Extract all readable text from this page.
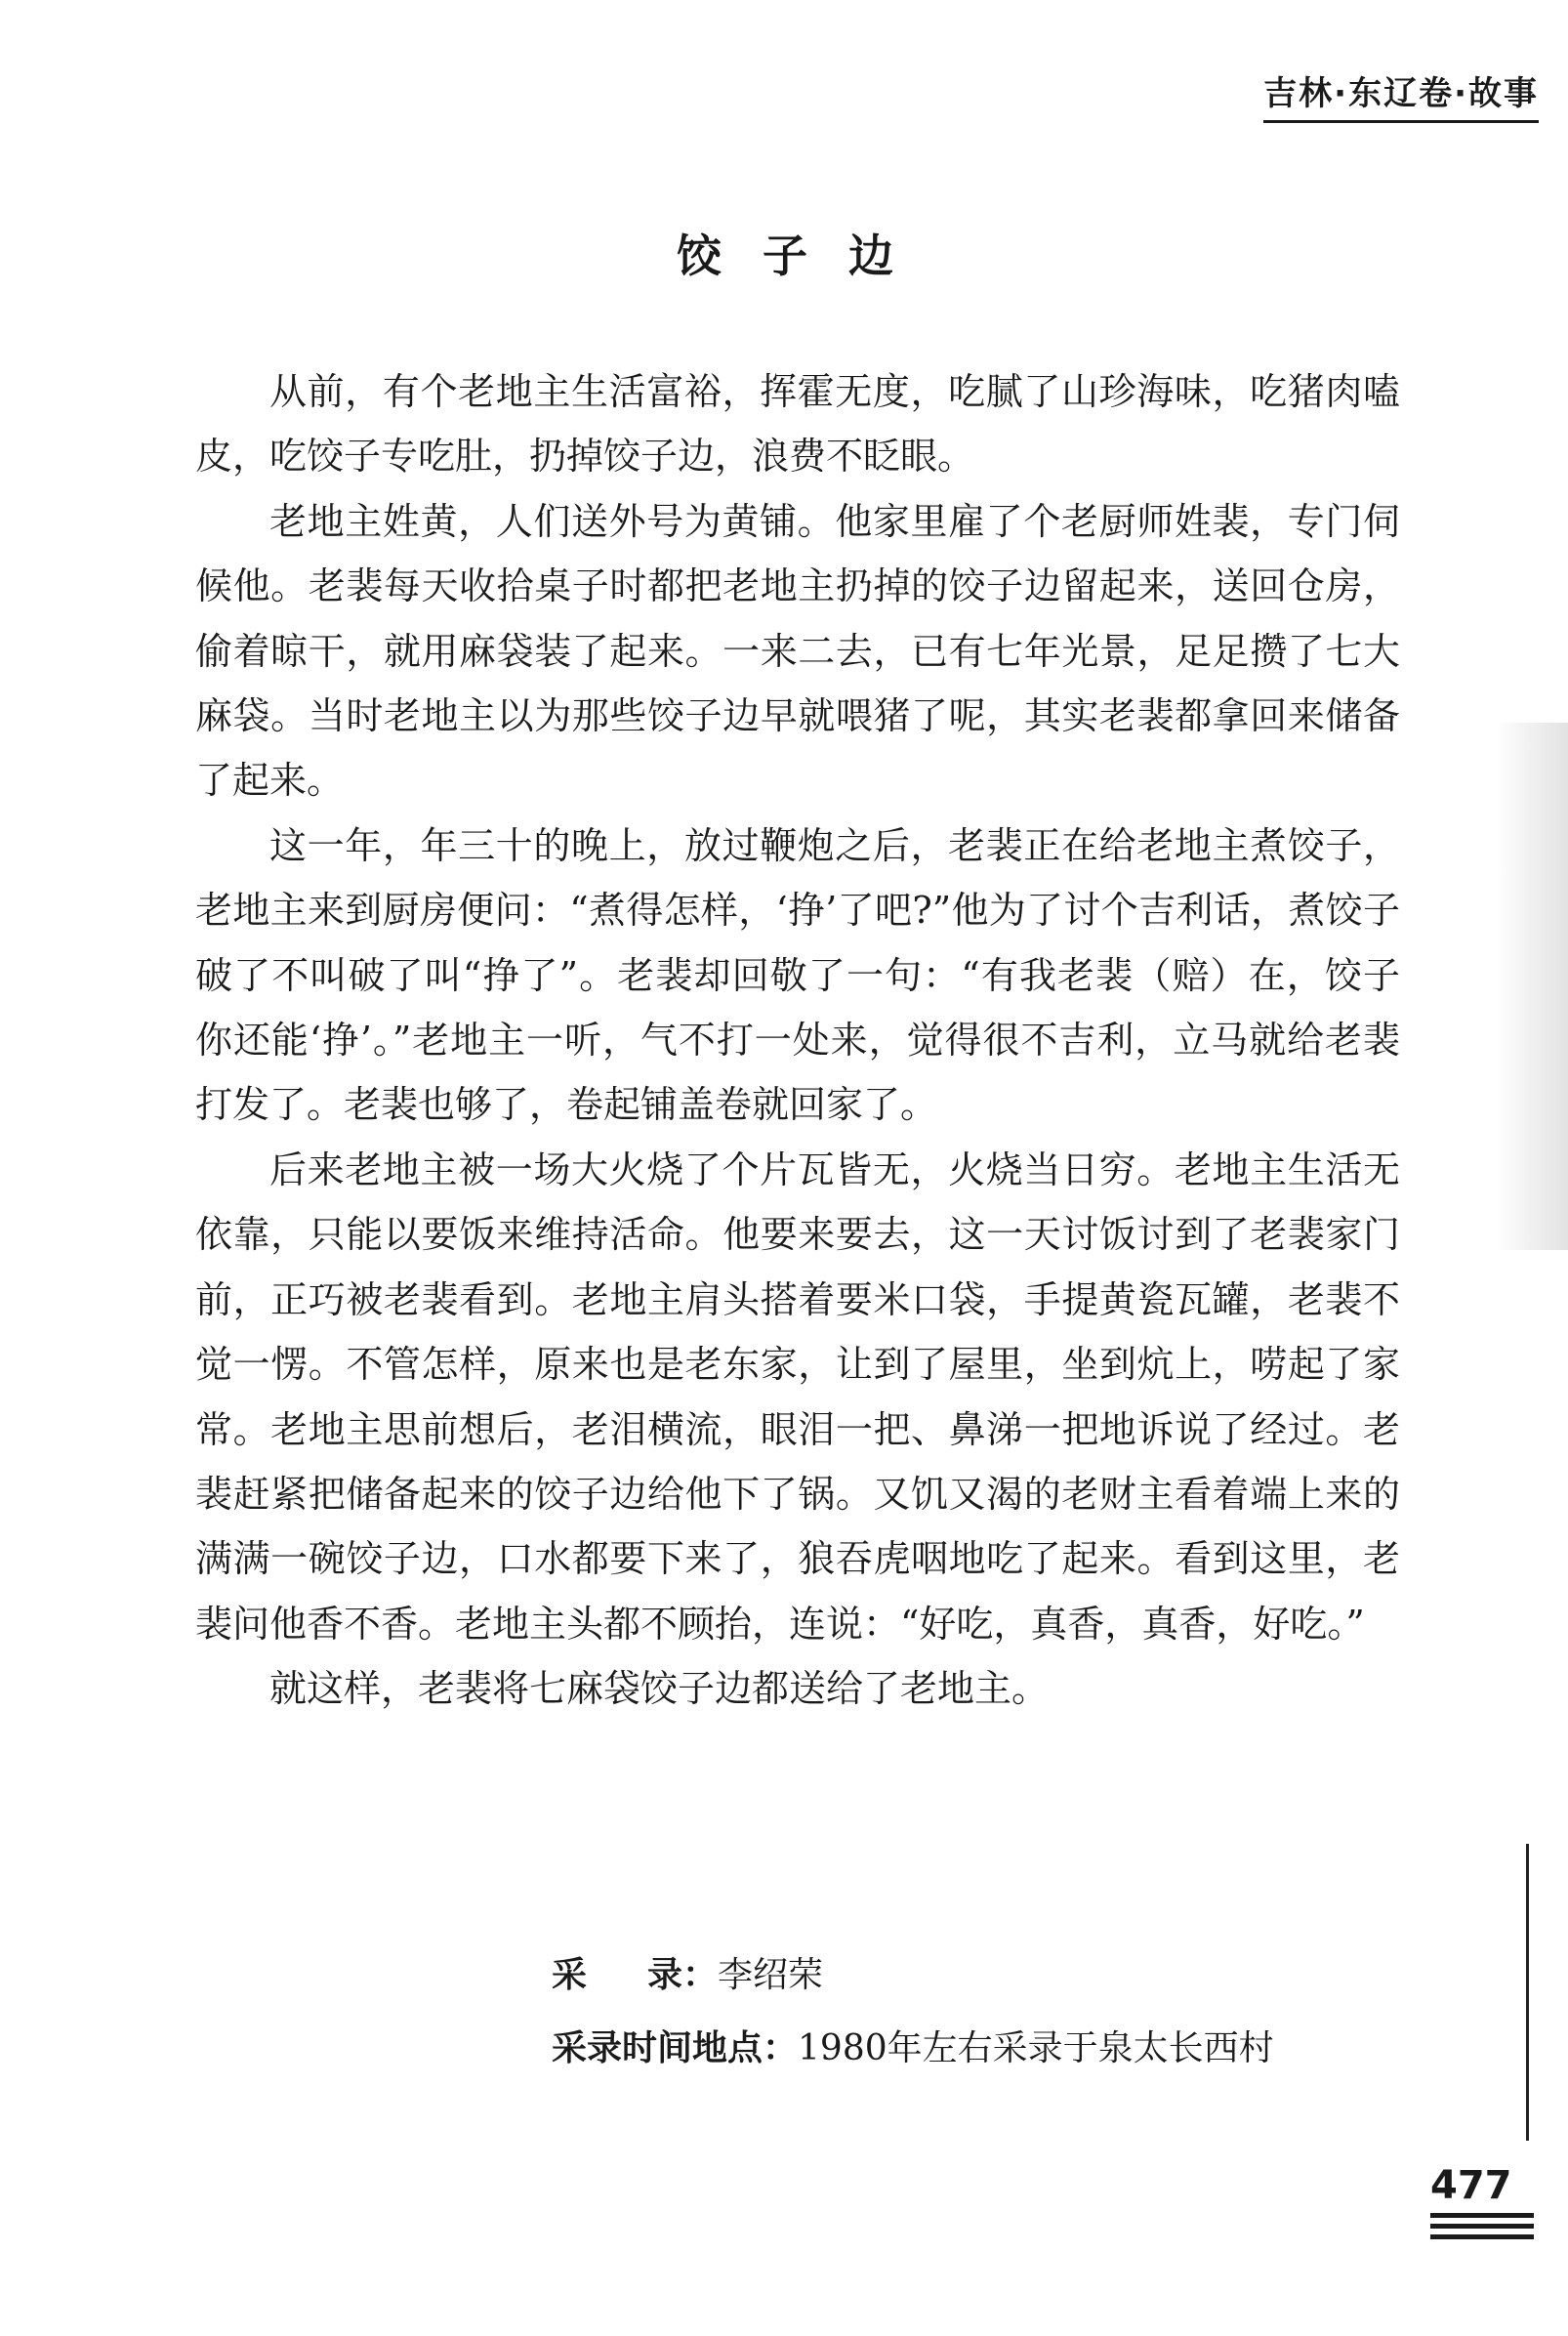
吉林·东辽卷·故事
饺子边

从前，有个老地主生活富裕，挥霍无度，吃腻了山珍海味，吃猪肉嗑皮，吃饺子专吃肚，扔掉饺子边，浪费不眨眼。

老地主姓黄，人们送外号为黄铺。他家里雇了个老厨师姓裴，专门伺候他。老裴每天收拾桌子时都把老地主扔掉的饺子边留起来，送回仓房，偷着晾干，就用麻袋装了起来。一来二去，已有七年光景，足足攒了七大麻袋。当时老地主以为那些饺子边早就喂猪了呢，其实老裴都拿回来储备了起来。

这一年，年三十的晚上，放过鞭炮之后，老裴正在给老地主煮饺子，老地主来到厨房便问：“煮得怎样，‘挣’了吧?”他为了讨个吉利话，煮饺子破了不叫破了叫“挣了”。老裴却回敬了一句：“有我老裴（赔）在，饺子你还能‘挣’。”老地主一听，气不打一处来，觉得很不吉利，立马就给老裴打发了。老裴也够了，卷起铺盖卷就回家了。

后来老地主被一场大火烧了个片瓦皆无，火烧当日穷。老地主生活无依靠，只能以要饭来维持活命。他要来要去，这一天讨饭讨到了老裴家门前，正巧被老裴看到。老地主肩头搭着要米口袋，手提黄瓷瓦罐，老裴不觉一愣。不管怎样，原来也是老东家，让到了屋里，坐到炕上，唠起了家常。老地主思前想后，老泪横流，眼泪一把、鼻涕一把地诉说了经过。老裴赶紧把储备起来的饺子边给他下了锅。又饥又渴的老财主看着端上来的满满一碗饺子边，口水都要下来了，狼吞虎咽地吃了起来。看到这里，老裴问他香不香。老地主头都不顾抬，连说：“好吃，真香，真香，好吃。”

就这样，老裴将七麻袋饺子边都送给了老地主。

采录：李绍荣
采录时间地点：1980年左右采录于泉太长西村
477
